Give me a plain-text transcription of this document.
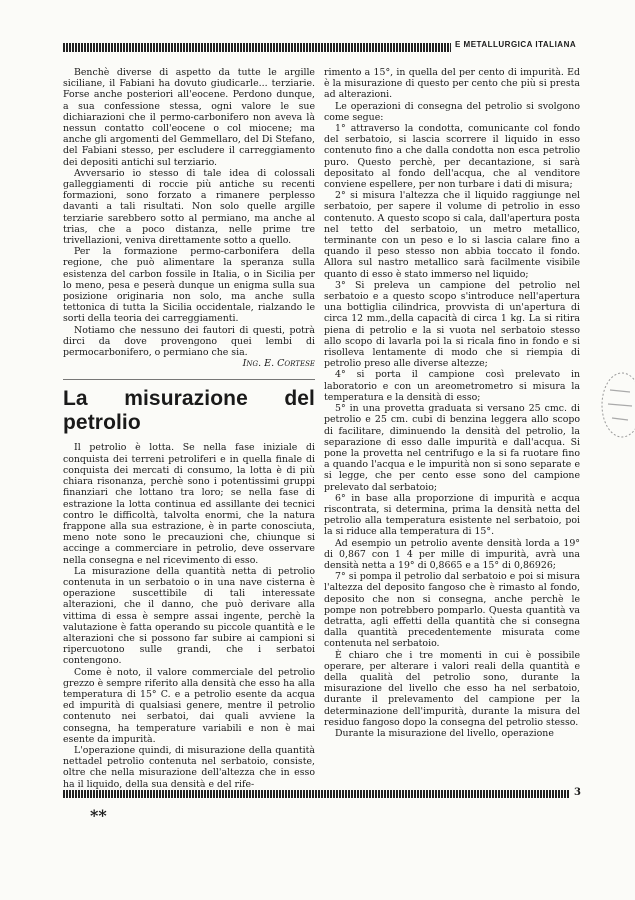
E METALLURGICA ITALIANA

Benchè diverse di aspetto da tutte le argille siciliane, il Fabiani ha dovuto giudicarle... terziarie. Forse anche posteriori all'eocene. Perdono dunque, a sua confessione stessa, ogni valore le sue dichiarazioni che il permo-carbonifero non aveva là nessun contatto coll'eocene o col miocene; ma anche gli argomenti del Gemmellaro, del Di Stefano, del Fabiani stesso, per escludere il carreggiamento dei depositi antichi sul terziario.

Avversario io stesso di tale idea di colossali galleggiamenti di roccie più antiche su recenti formazioni, sono forzato a rimanere perplesso davanti a tali risultati. Non solo quelle argille terziarie sarebbero sotto al permiano, ma anche al trias, che a poco distanza, nelle prime tre trivellazioni, veniva direttamente sotto a quello.

Per la formazione permo-carbonifera della regione, che può alimentare la speranza sulla esistenza del carbon fossile in Italia, o in Sicilia per lo meno, pesa e peserà dunque un enigma sulla sua posizione originaria non solo, ma anche sulla tettonica di tutta la Sicilia occidentale, rialzando le sorti della teoria dei carreggiamenti.

Notiamo che nessuno dei fautori di questi, potrà dirci da dove provengono quei lembi di permocarbonifero, o permiano che sia.

Ing. E. Cortese

La misurazione del petrolio

Il petrolio è lotta. Se nella fase iniziale di conquista dei terreni petroliferi e in quella finale di conquista dei mercati di consumo, la lotta è di più chiara risonanza, perchè sono i potentissimi gruppi finanziari che lottano tra loro; se nella fase di estrazione la lotta continua ed assillante dei tecnici contro le difficoltà, talvolta enormi, che la natura frappone alla sua estrazione, è in parte conosciuta, meno note sono le precauzioni che, chiunque si accinge a commerciare in petrolio, deve osservare nella consegna e nel ricevimento di esso.

La misurazione della quantità netta di petrolio contenuta in un serbatoio o in una nave cisterna è operazione suscettibile di tali interessate alterazioni, che il danno, che può derivare alla vittima di essa è sempre assai ingente, perchè la valutazione è fatta operando su piccole quantità e le alterazioni che si possono far subire ai campioni si ripercuotono sulle grandi, che i serbatoi contengono.

Come è noto, il valore commerciale del petrolio grezzo è sempre riferito alla densità che esso ha alla temperatura di 15° C. e a petrolio esente da acqua ed impurità di qualsiasi genere, mentre il petrolio contenuto nei serbatoi, dai quali avviene la consegna, ha temperature variabili e non è mai esente da impurità.

L'operazione quindi, di misurazione della quantità nettadel petrolio contenuta nel serbatoio, consiste, oltre che nella misurazione dell'altezza che in esso ha il liquido, della sua densità e del rife-

rimento a 15°, in quella del per cento di impurità. Ed è la misurazione di questo per cento che più si presta ad alterazioni.

Le operazioni di consegna del petrolio si svolgono come segue:

1° attraverso la condotta, comunicante col fondo del serbatoio, si lascia scorrere il liquido in esso contenuto fino a che dalla condotta non esca petrolio puro. Questo perchè, per decantazione, si sarà depositato al fondo dell'acqua, che al venditore conviene espellere, per non turbare i dati di misura;

2° si misura l'altezza che il liquido raggiunge nel serbatoio, per sapere il volume di petrolio in esso contenuto. A questo scopo si cala, dall'apertura posta nel tetto del serbatoio, un metro metallico, terminante con un peso e lo si lascia calare fino a quando il peso stesso non abbia toccato il fondo. Allora sul nastro metallico sarà facilmente visibile quanto di esso è stato immerso nel liquido;

3° Si preleva un campione del petrolio nel serbatoio e a questo scopo s'introduce nell'apertura una bottiglia cilindrica, provvista di un'apertura di circa 12 mm.,della capacità di circa 1 kg. La si ritira piena di petrolio e la si vuota nel serbatoio stesso allo scopo di lavarla poi la si ricala fino in fondo e si risolleva lentamente di modo che si riempia di petrolio preso alle diverse altezze;

4° si porta il campione così prelevato in laboratorio e con un areometrometro si misura la temperatura e la densità di esso;

5° in una provetta graduata si versano 25 cmc. di petrolio e 25 cm. cubi di benzina leggera allo scopo di facilitare, diminuendo la densità del petrolio, la separazione di esso dalle impurità e dall'acqua. Si pone la provetta nel centrifugo e la si fa ruotare fino a quando l'acqua e le impurità non si sono separate e si legge, che per cento esse sono del campione prelevato dal serbatoio;

6° in base alla proporzione di impurità e acqua riscontrata, si determina, prima la densità netta del petrolio alla temperatura esistente nel serbatoio, poi la si riduce alla temperatura di 15°.

Ad esempio un petrolio avente densità lorda a 19° di 0,867 con 1 4 per mille di impurità, avrà una densità netta a 19° di 0,8665 e a 15° di 0,86926;

7° si pompa il petrolio dal serbatoio e poi si misura l'altezza del deposito fangoso che è rimasto al fondo, deposito che non si consegna, anche perchè le pompe non potrebbero pomparlo. Questa quantità va detratta, agli effetti della quantità che si consegna dalla quantità precedentemente misurata come contenuta nel serbatoio.

È chiaro che i tre momenti in cui è possibile operare, per alterare i valori reali della quantità e della qualità del petrolio sono, durante la misurazione del livello che esso ha nel serbatoio, durante il prelevamento del campione per la determinazione dell'impurità, durante la misura del residuo fangoso dopo la consegna del petrolio stesso.

Durante la misurazione del livello, operazione

3
**
